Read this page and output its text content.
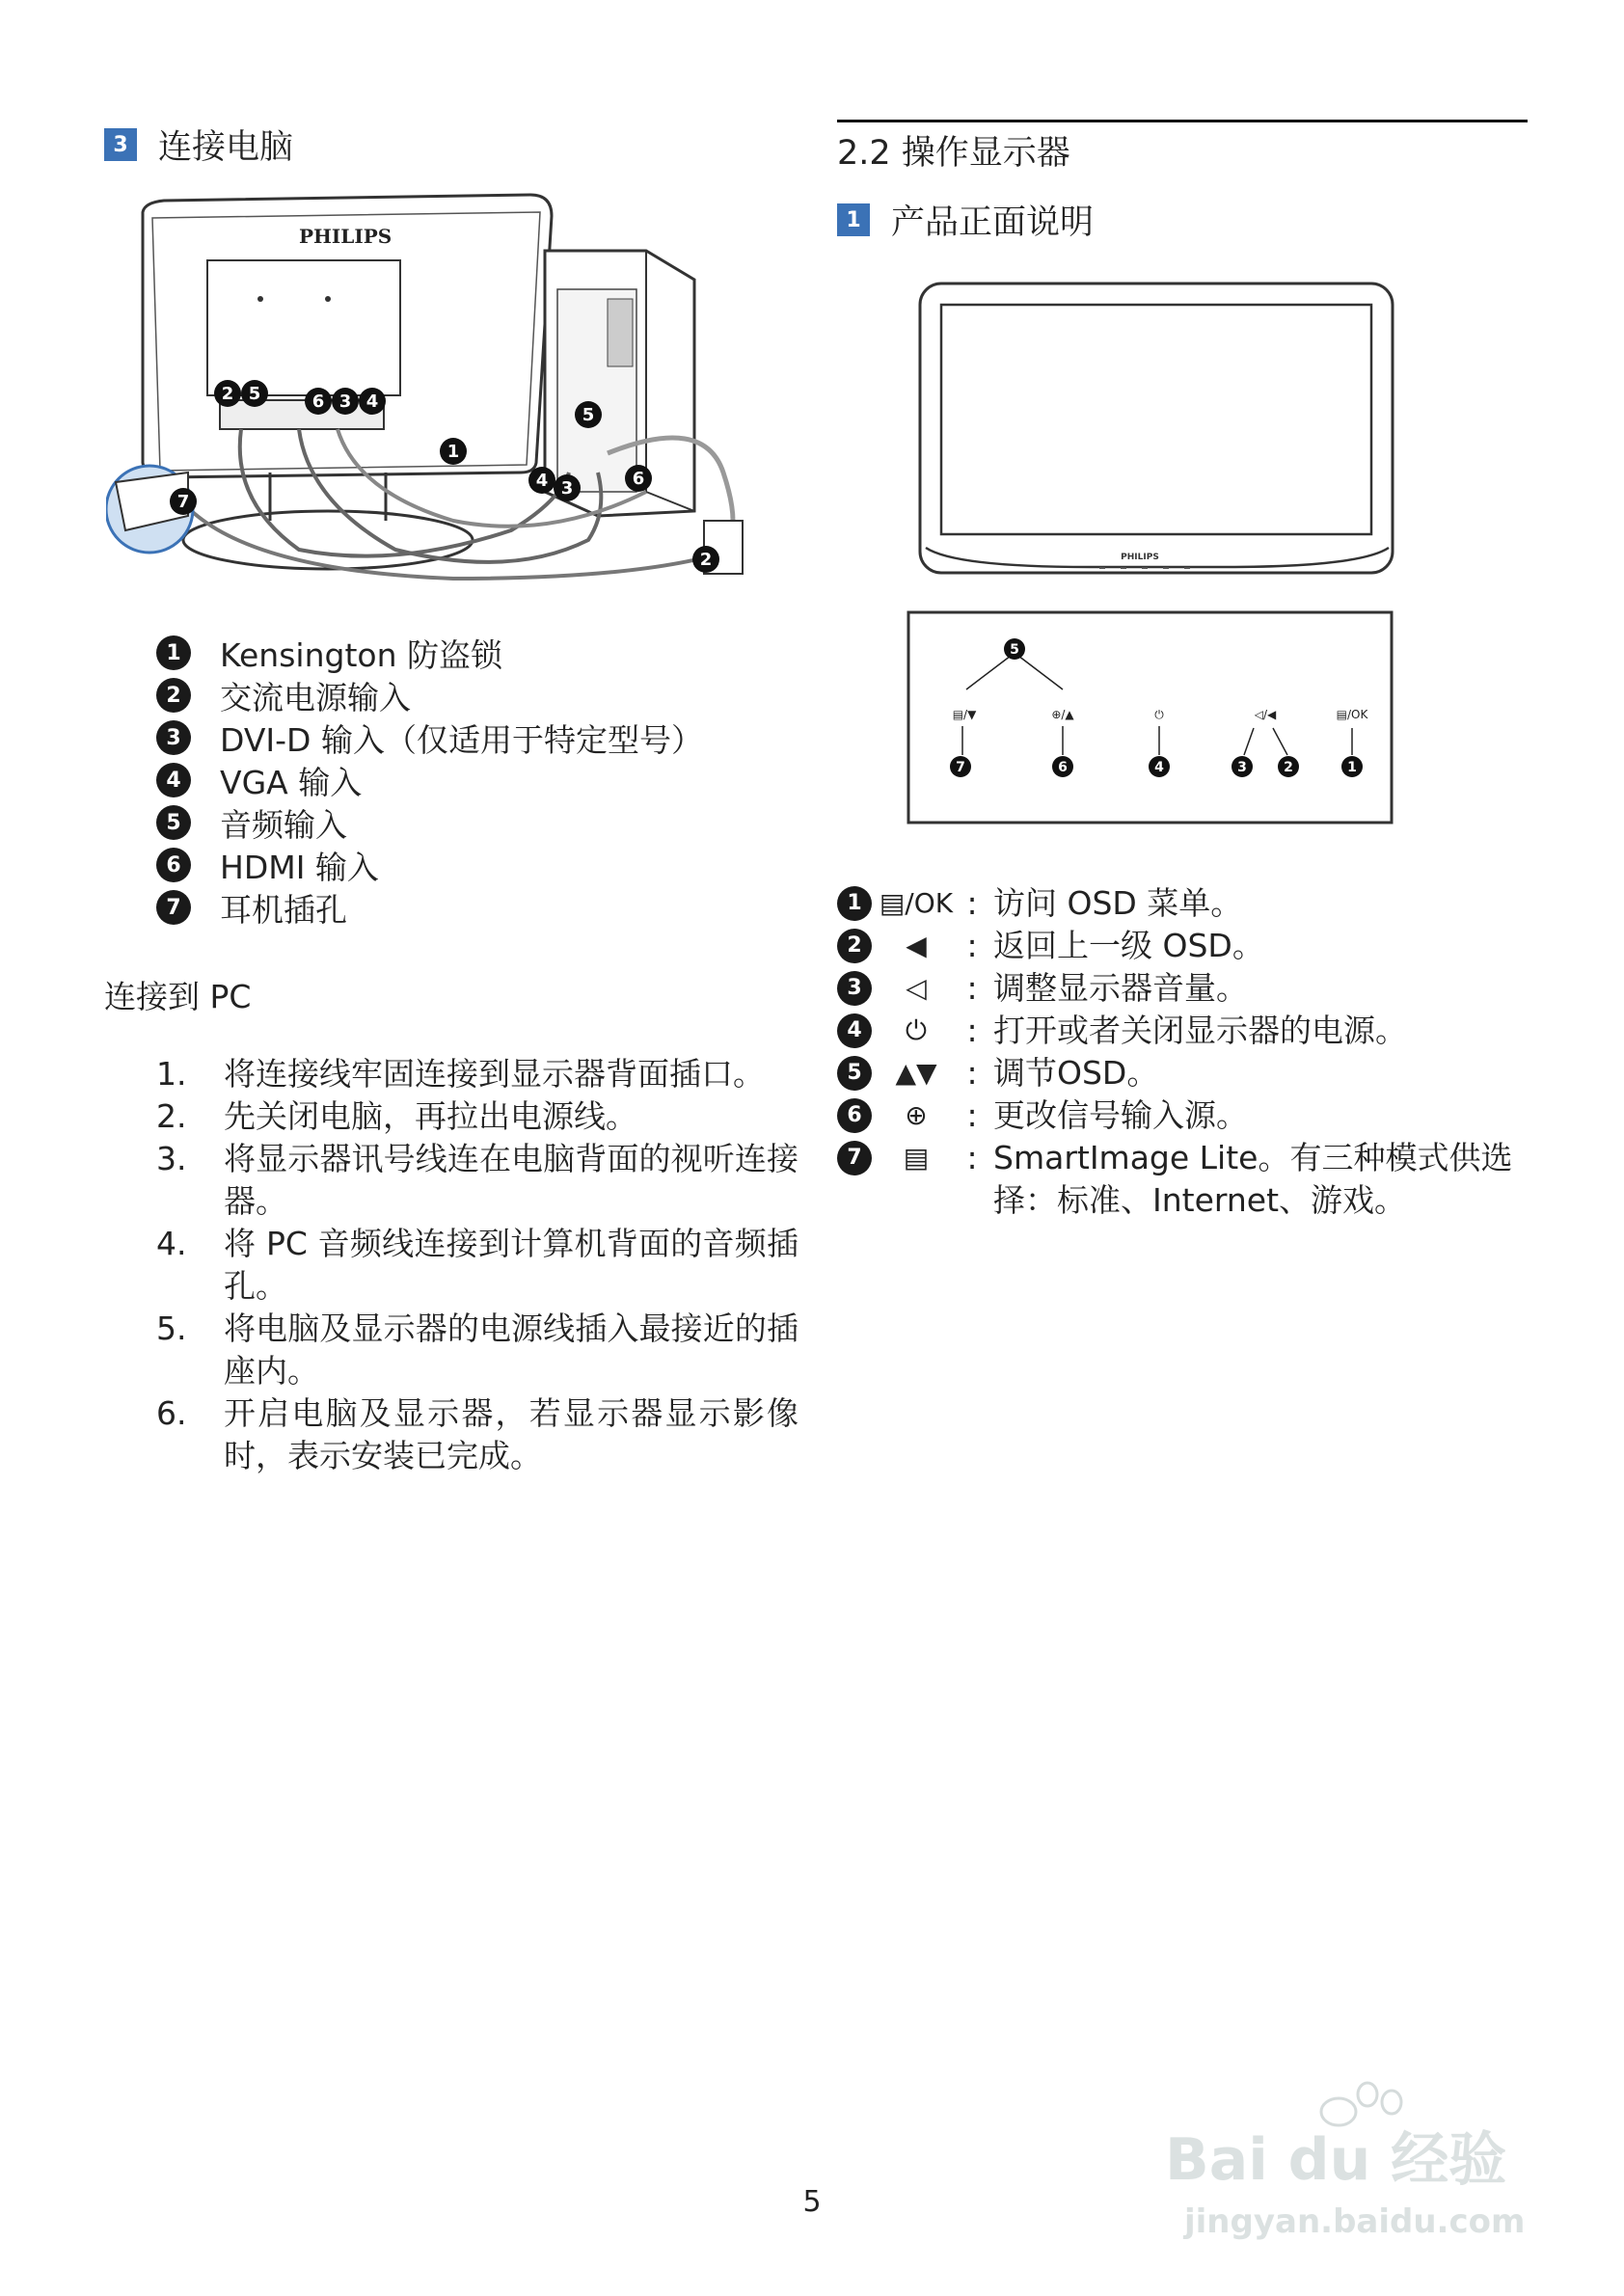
3 连接电脑
PHILIPS
2 5	6 3 4
1
5
4 3	6
2
7
1	Kensington 防盗锁
2	交流电源输入
3	DVI-D 输入（仅适用于特定型号）
4	VGA 输入
5	音频输入
6	HDMI 输入
7	耳机插孔
连接到 PC
1.	将连接线牢固连接到显示器背面插口。
2.	先关闭电脑，再拉出电源线。
3.	将显示器讯号线连在电脑背面的视听连接器。
4.	将 PC 音频线连接到计算机背面的音频插孔。
5.	将电脑及显示器的电源线插入最接近的插座内。
6.	开启电脑及显示器，若显示器显示影像时，表示安装已完成。
2.2 操作显示器
1 产品正面说明
PHILIPS
▤/▼	⊕/▲	⏻	◁/◀	▤/OK
5
7	6	4	3	2	1
1 ▤/OK : 访问 OSD 菜单。
2	◀	: 返回上一级 OSD。
3	◁	: 调整显示器音量。
4	⏻	: 打开或者关闭显示器的电源。
5	▲▼ : 调节OSD。
6	⊕	: 更改信号输入源。
7	▤	: SmartImage Lite。有三种模式供选择：标准、Internet、游戏。
5
Bai du 经验
jingyan.baidu.com
